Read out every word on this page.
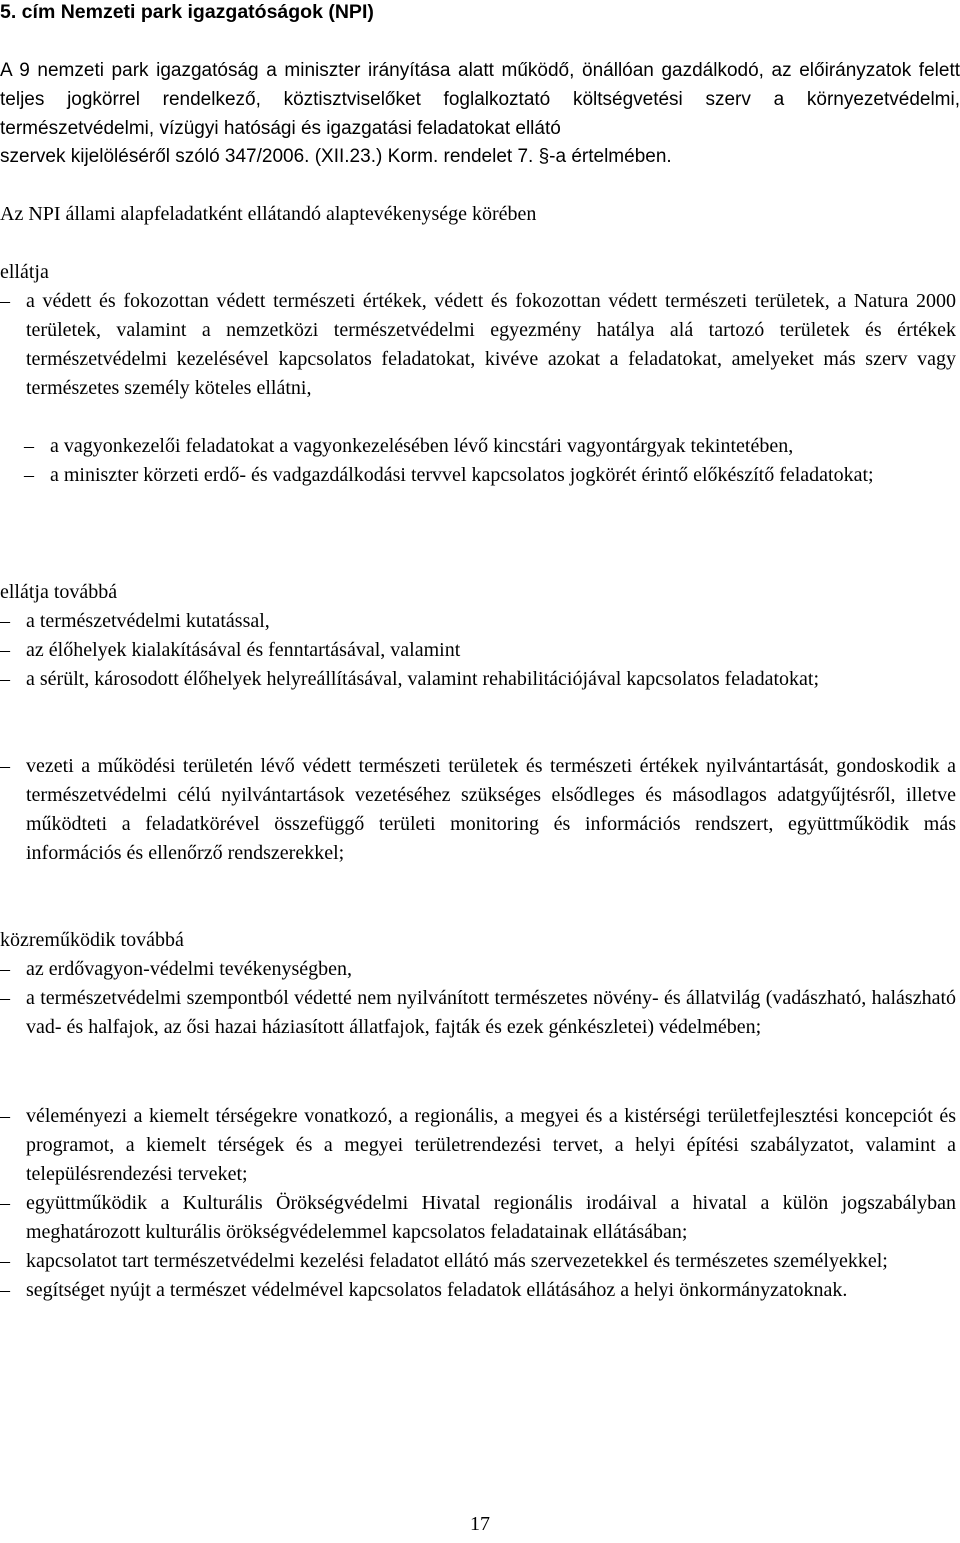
5. cím Nemzeti park igazgatóságok (NPI)
A 9 nemzeti park igazgatóság a miniszter irányítása alatt működő, önállóan gazdálkodó, az előirányzatok felett teljes jogkörrel rendelkező, köztisztviselőket foglalkoztató költségvetési szerv a környezetvédelmi, természetvédelmi, vízügyi hatósági és igazgatási feladatokat ellátó
szervek kijelöléséről szóló 347/2006. (XII.23.) Korm. rendelet 7. §-a értelmében.
Az NPI állami alapfeladatként ellátandó alaptevékenysége körében
ellátja
– a védett és fokozottan védett természeti értékek, védett és fokozottan védett természeti területek, a Natura 2000 területek, valamint a nemzetközi természetvédelmi egyezmény hatálya alá tartozó területek és értékek természetvédelmi kezelésével kapcsolatos feladatokat, kivéve azokat a feladatokat, amelyeket más szerv vagy természetes személy köteles ellátni,
– a vagyonkezelői feladatokat a vagyonkezelésében lévő kincstári vagyontárgyak tekintetében,
– a miniszter körzeti erdő- és vadgazdálkodási tervvel kapcsolatos jogkörét érintő előkészítő feladatokat;
ellátja továbbá
– a természetvédelmi kutatással,
– az élőhelyek kialakításával és fenntartásával, valamint
– a sérült, károsodott élőhelyek helyreállításával, valamint rehabilitációjával kapcsolatos feladatokat;
– vezeti a működési területén lévő védett természeti területek és természeti értékek nyilvántartását, gondoskodik a természetvédelmi célú nyilvántartások vezetéséhez szükséges elsődleges és másodlagos adatgyűjtésről, illetve működteti a feladatkörével összefüggő területi monitoring és információs rendszert, együttműködik más információs és ellenőrző rendszerekkel;
közreműködik továbbá
– az erdővagyon-védelmi tevékenységben,
– a természetvédelmi szempontból védetté nem nyilvánított természetes növény- és állatvilág (vadászható, halászható vad- és halfajok, az ősi hazai háziasított állatfajok, fajták és ezek génkészletei) védelmében;
– véleményezi a kiemelt térségekre vonatkozó, a regionális, a megyei és a kistérségi területfejlesztési koncepciót és programot, a kiemelt térségek és a megyei területrendezési tervet, a helyi építési szabályzatot, valamint a településrendezési terveket;
– együttműködik a Kulturális Örökségvédelmi Hivatal regionális irodáival a hivatal a külön jogszabályban meghatározott kulturális örökségvédelemmel kapcsolatos feladatainak ellátásában;
– kapcsolatot tart természetvédelmi kezelési feladatot ellátó más szervezetekkel és természetes személyekkel;
– segítséget nyújt a természet védelmével kapcsolatos feladatok ellátásához a helyi önkormányzatoknak.
17
